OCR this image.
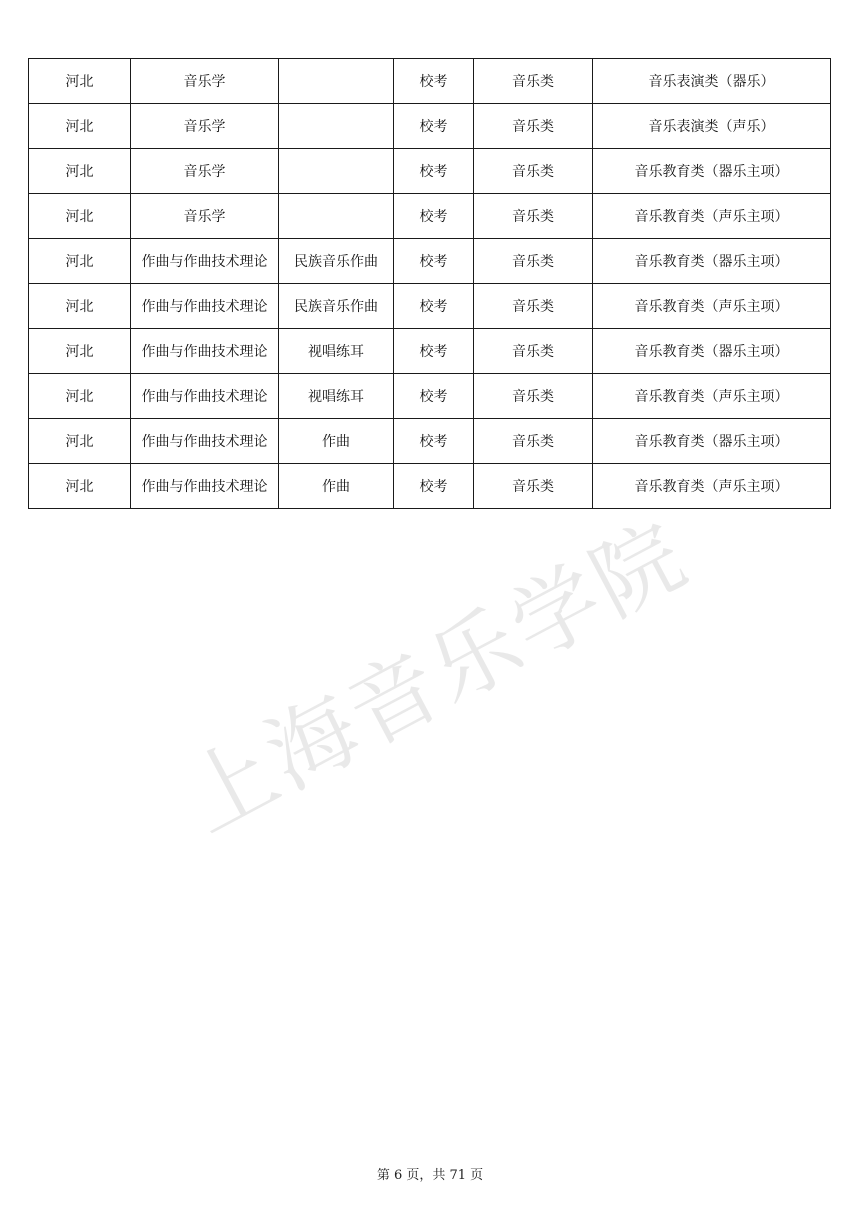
河北	音乐学		校考	音乐类	音乐表演类（器乐）
河北	音乐学		校考	音乐类	音乐表演类（声乐）
河北	音乐学		校考	音乐类	音乐教育类（器乐主项）
河北	音乐学		校考	音乐类	音乐教育类（声乐主项）
河北	作曲与作曲技术理论	民族音乐作曲	校考	音乐类	音乐教育类（器乐主项）
河北	作曲与作曲技术理论	民族音乐作曲	校考	音乐类	音乐教育类（声乐主项）
河北	作曲与作曲技术理论	视唱练耳	校考	音乐类	音乐教育类（器乐主项）
河北	作曲与作曲技术理论	视唱练耳	校考	音乐类	音乐教育类（声乐主项）
河北	作曲与作曲技术理论	作曲	校考	音乐类	音乐教育类（器乐主项）
河北	作曲与作曲技术理论	作曲	校考	音乐类	音乐教育类（声乐主项）
上海音乐学院
第 6 页，共 71 页
